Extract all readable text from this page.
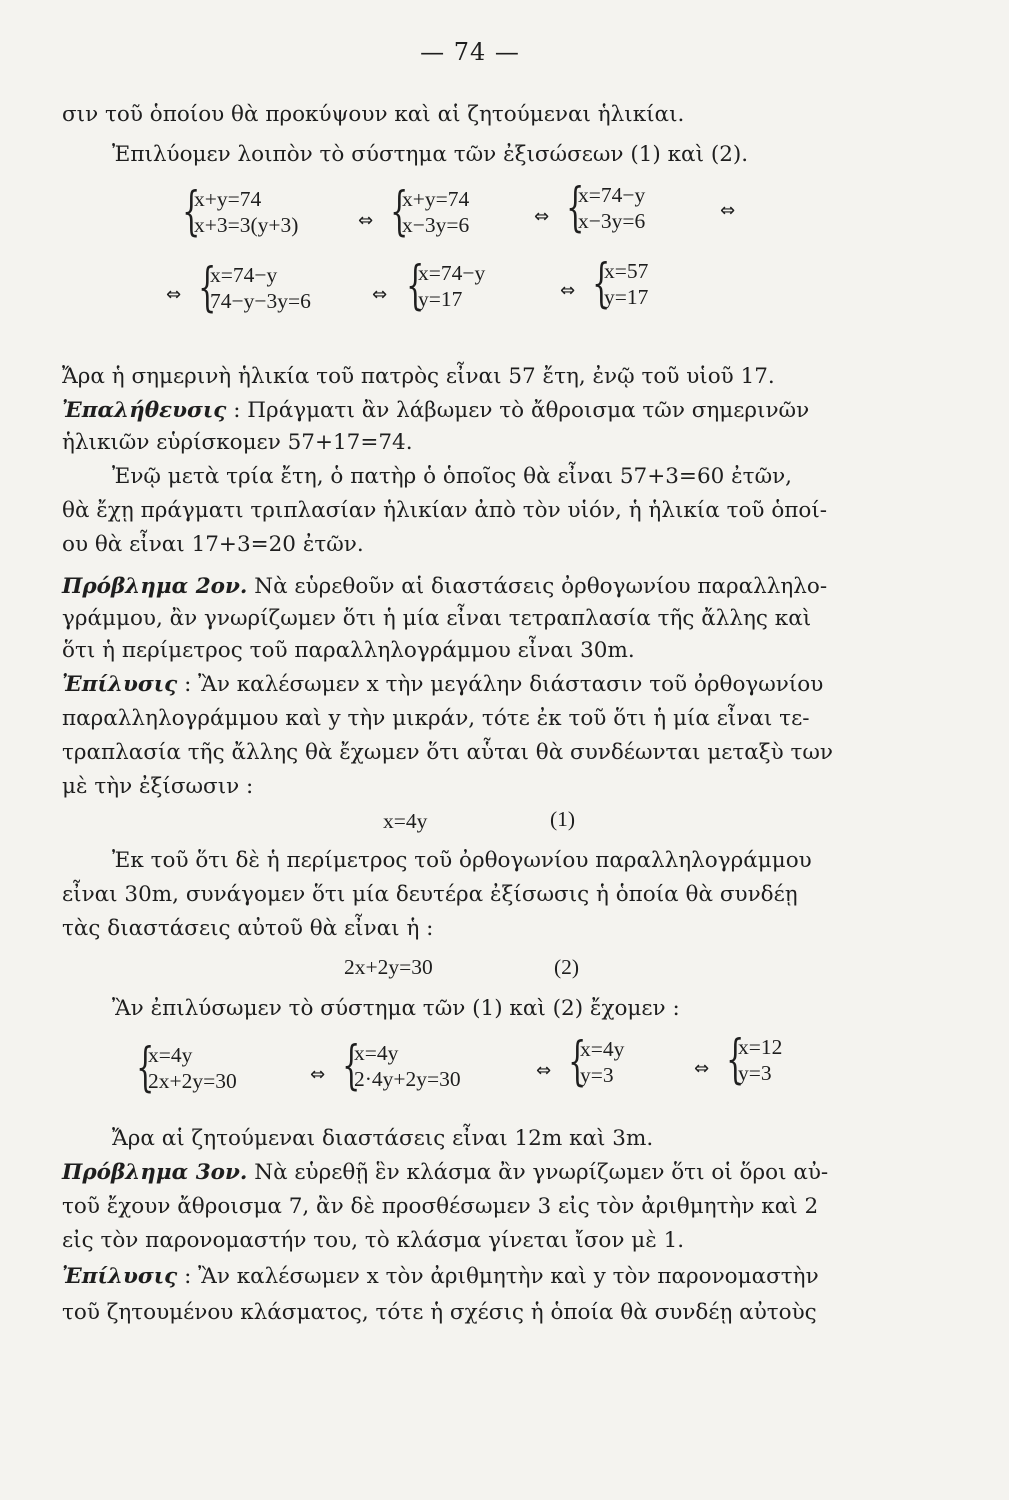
— 74 —
σιν τοῦ ὁποίου θὰ προκύψουν καὶ αἱ ζητούμεναι ἡλικίαι.
Ἐπιλύομεν λοιπὸν τὸ σύστημα τῶν ἐξισώσεων (1) καὶ (2).
{
x+y=74
x+3=3(y+3)	⇔ {
x+y=74
x−3y=6	⇔ {
x=74−y
x−3y=6	⇔
⇔ {
x=74−y
74−y−3y=6	⇔ {
x=74−y
y=17	⇔ {
x=57
y=17
Ἄρα ἡ σημερινὴ ἡλικία τοῦ πατρὸς εἶναι 57 ἔτη, ἐνῷ τοῦ υἱοῦ 17.
Ἐπαλήθευσις : Πράγματι ἂν λάβωμεν τὸ ἄθροισμα τῶν σημερινῶν
ἡλικιῶν εὑρίσκομεν 57+17=74.
Ἐνῷ μετὰ τρία ἔτη, ὁ πατὴρ ὁ ὁποῖος θὰ εἶναι 57+3=60 ἐτῶν,
θὰ ἔχῃ πράγματι τριπλασίαν ἡλικίαν ἀπὸ τὸν υἱόν, ἡ ἡλικία τοῦ ὁποί-
ου θὰ εἶναι 17+3=20 ἐτῶν.
Πρόβλημα 2ον. Νὰ εὑρεθοῦν αἱ διαστάσεις ὀρθογωνίου παραλληλο-
γράμμου, ἂν γνωρίζωμεν ὅτι ἡ μία εἶναι τετραπλασία τῆς ἄλλης καὶ
ὅτι ἡ περίμετρος τοῦ παραλληλογράμμου εἶναι 30m.
Ἐπίλυσις : Ἂν καλέσωμεν x τὴν μεγάλην διάστασιν τοῦ ὀρθογωνίου
παραλληλογράμμου καὶ y τὴν μικράν, τότε ἐκ τοῦ ὅτι ἡ μία εἶναι τε-
τραπλασία τῆς ἄλλης θὰ ἔχωμεν ὅτι αὗται θὰ συνδέωνται μεταξὺ των
μὲ τὴν ἐξίσωσιν :
x=4y	(1)
Ἐκ τοῦ ὅτι δὲ ἡ περίμετρος τοῦ ὀρθογωνίου παραλληλογράμμου
εἶναι 30m, συνάγομεν ὅτι μία δευτέρα ἐξίσωσις ἡ ὁποία θὰ συνδέῃ
τὰς διαστάσεις αὐτοῦ θὰ εἶναι ἡ :
2x+2y=30	(2)
Ἂν ἐπιλύσωμεν τὸ σύστημα τῶν (1) καὶ (2) ἔχομεν :
{
x=4y
2x+2y=30	⇔ {
x=4y
2·4y+2y=30	⇔ {
x=4y
y=3	⇔ {
x=12
y=3
Ἄρα αἱ ζητούμεναι διαστάσεις εἶναι 12m καὶ 3m.
Πρόβλημα 3ον. Νὰ εὑρεθῇ ἓν κλάσμα ἂν γνωρίζωμεν ὅτι οἱ ὅροι αὐ-
τοῦ ἔχουν ἄθροισμα 7, ἂν δὲ προσθέσωμεν 3 εἰς τὸν ἀριθμητὴν καὶ 2
εἰς τὸν παρονομαστήν του, τὸ κλάσμα γίνεται ἴσον μὲ 1.
Ἐπίλυσις : Ἂν καλέσωμεν x τὸν ἀριθμητὴν καὶ y τὸν παρονομαστὴν
τοῦ ζητουμένου κλάσματος, τότε ἡ σχέσις ἡ ὁποία θὰ συνδέῃ αὐτοὺς
